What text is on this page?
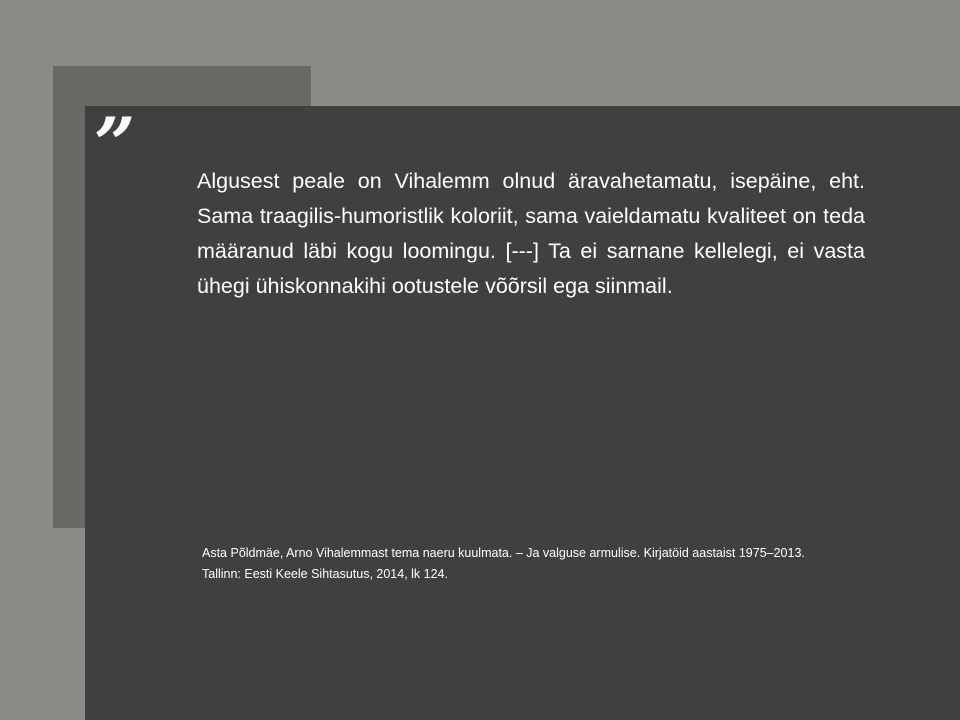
”	Algusest peale on Vihalemm olnud äravahetamatu, isepäine, eht. Sama traagilis-humoristlik koloriit, sama vaieldamatu kvaliteet on teda määranud läbi kogu loomingu. [---] Ta ei sarnane kellelegi, ei vasta ühegi ühiskonnakihi ootustele võõrsil ega siinmail.

Asta Põldmäe, Arno Vihalemmast tema naeru kuulmata. – Ja valguse armulise. Kirjatöid aastaist 1975–2013.
Tallinn: Eesti Keele Sihtasutus, 2014, lk 124.
